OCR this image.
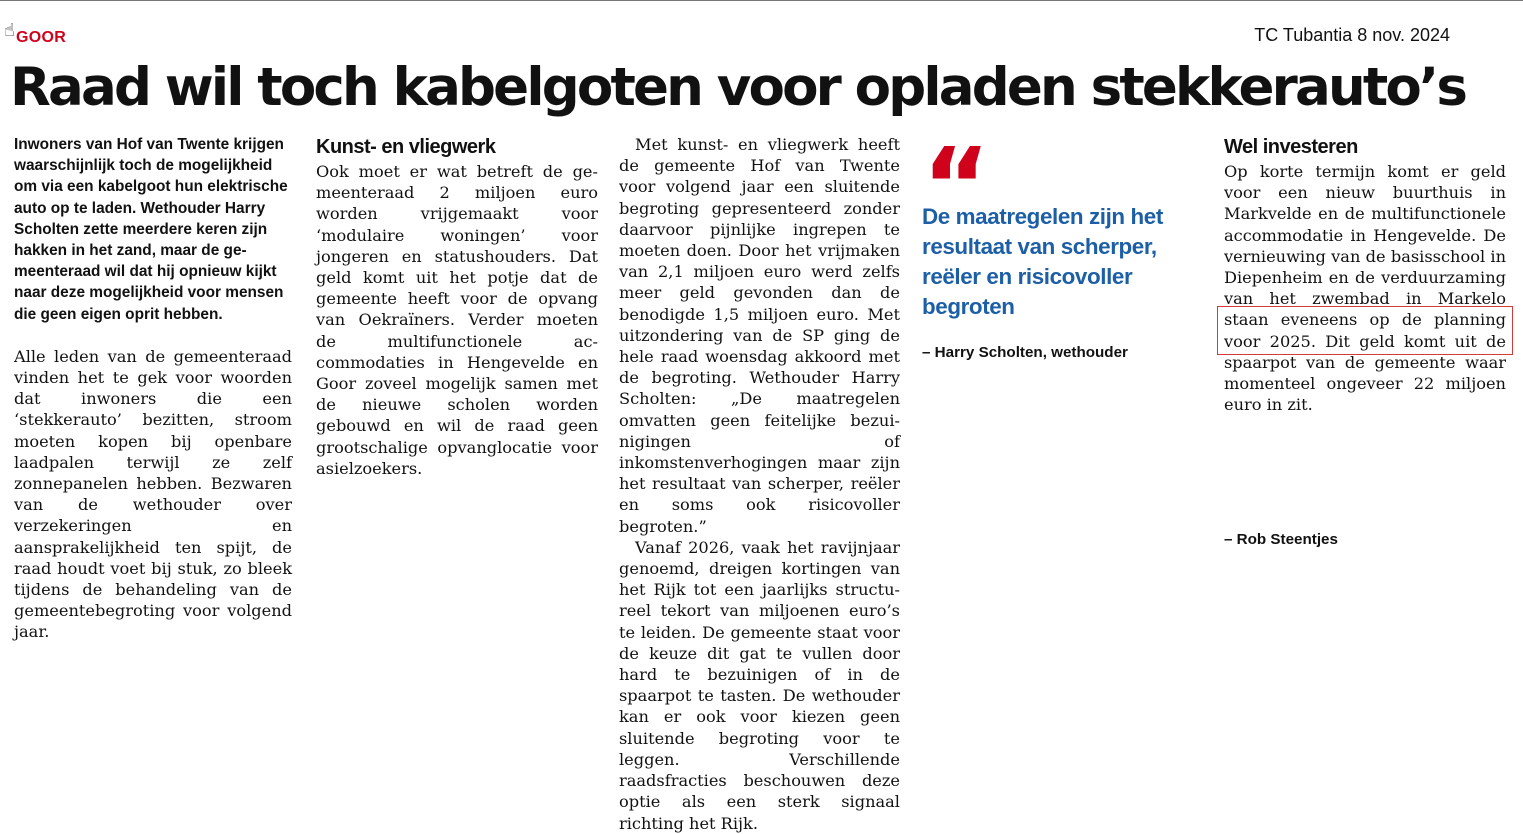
☝ GOOR	TC Tubantia 8 nov. 2024
Raad wil toch kabelgoten voor opladen stekkerauto’s

Inwoners van Hof van Twente krijgen waarschijnlijk toch de mogelijkheid om via een kabelgoot hun elektrische auto op te laden. Wethouder Harry Scholten zette meerdere keren zijn hakken in het zand, maar de gemeenteraad wil dat hij opnieuw kijkt naar deze mogelijkheid voor mensen die geen eigen oprit hebben.

Alle leden van de gemeenteraad vinden het te gek voor woorden dat inwoners die een ‘stekkerauto’ bezitten, stroom moeten kopen bij openbare laadpalen terwijl ze zelf zonnepanelen hebben. Bezwaren van de wethouder over verzekeringen en aansprakelijkheid ten spijt, de raad houdt voet bij stuk, zo bleek tijdens de behandeling van de gemeentebegroting voor volgend jaar.

Kunst- en vliegwerk

Ook moet er wat betreft de gemeenteraad 2 miljoen euro worden vrijgemaakt voor ‘modulaire woningen’ voor jongeren en statushouders. Dat geld komt uit het potje dat de gemeente heeft voor de opvang van Oekraïners. Verder moeten de multifunctionele accommodaties in Hengevelde en Goor zoveel mogelijk samen met de nieuwe scholen worden gebouwd en wil de raad geen grootschalige opvanglocatie voor asielzoekers.

Met kunst- en vliegwerk heeft de gemeente Hof van Twente voor volgend jaar een sluitende begroting gepresenteerd zonder daarvoor pijnlijke ingrepen te moeten doen. Door het vrijmaken van 2,1 miljoen euro werd zelfs meer geld gevonden dan de benodigde 1,5 miljoen euro. Met uitzondering van de SP ging de hele raad woensdag akkoord met de begroting. Wethouder Harry Scholten: „De maatregelen omvatten geen feitelijke bezuinigingen of inkomstenverhogingen maar zijn het resultaat van scherper, reëler en soms ook risicovoller begroten.”

Vanaf 2026, vaak het ravijnjaar genoemd, dreigen kortingen van het Rijk tot een jaarlijks structureel tekort van miljoenen euro’s te leiden. De gemeente staat voor de keuze dit gat te vullen door hard te bezuinigen of in de spaarpot te tasten. De wethouder kan er ook voor kiezen geen sluitende begroting voor te leggen. Verschillende raadsfracties beschouwen deze optie als een sterk signaal richting het Rijk.

“
De maatregelen zijn het resultaat van scherper, reëler en risicovoller begroten
– Harry Scholten, wethouder

Wel investeren

Op korte termijn komt er geld voor een nieuw buurthuis in Markvelde en de multifunctionele accommodatie in Hengevelde. De vernieuwing van de basisschool in Diepenheim en de verduurzaming van het zwembad in Markelo staan eveneens op de planning voor 2025. Dit geld komt uit de spaarpot van de gemeente waar momenteel ongeveer 22 miljoen euro in zit.

– Rob Steentjes
